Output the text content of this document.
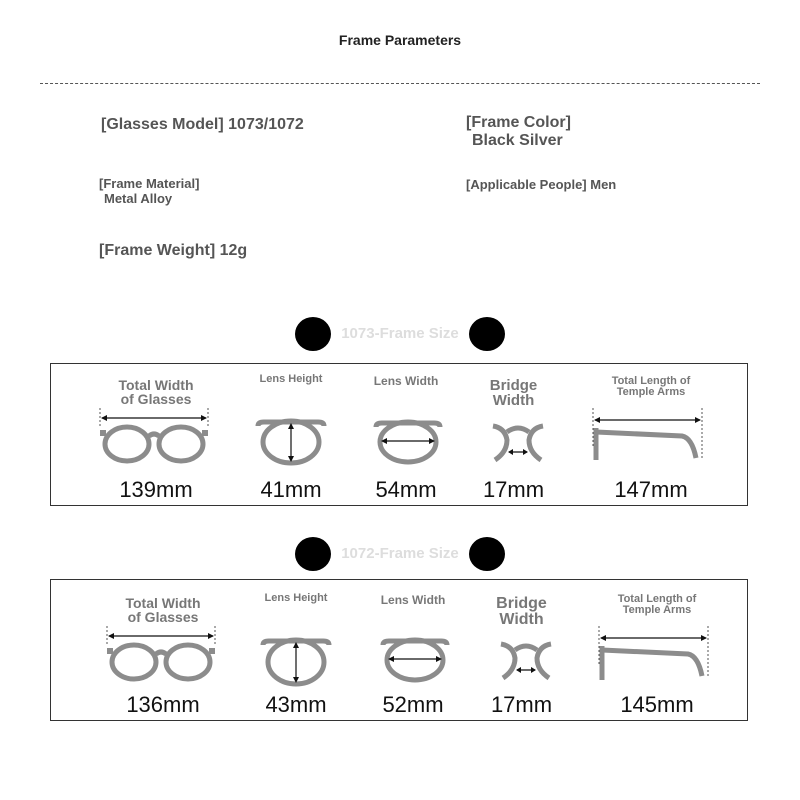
Frame Parameters
[Glasses Model] 1073/1072	[Frame Color]
Black Silver
[Frame Material]
Metal Alloy
[Applicable People] Men
[Frame Weight] 12g
1073-Frame Size
Total Width
of Glasses
139mm
Lens Height
41mm
Lens Width
54mm
Bridge
Width
17mm
Total Length of
Temple Arms
147mm
1072-Frame Size
Total Width
of Glasses
136mm
Lens Height
43mm
Lens Width
52mm
Bridge
Width
17mm
Total Length of
Temple Arms
145mm
